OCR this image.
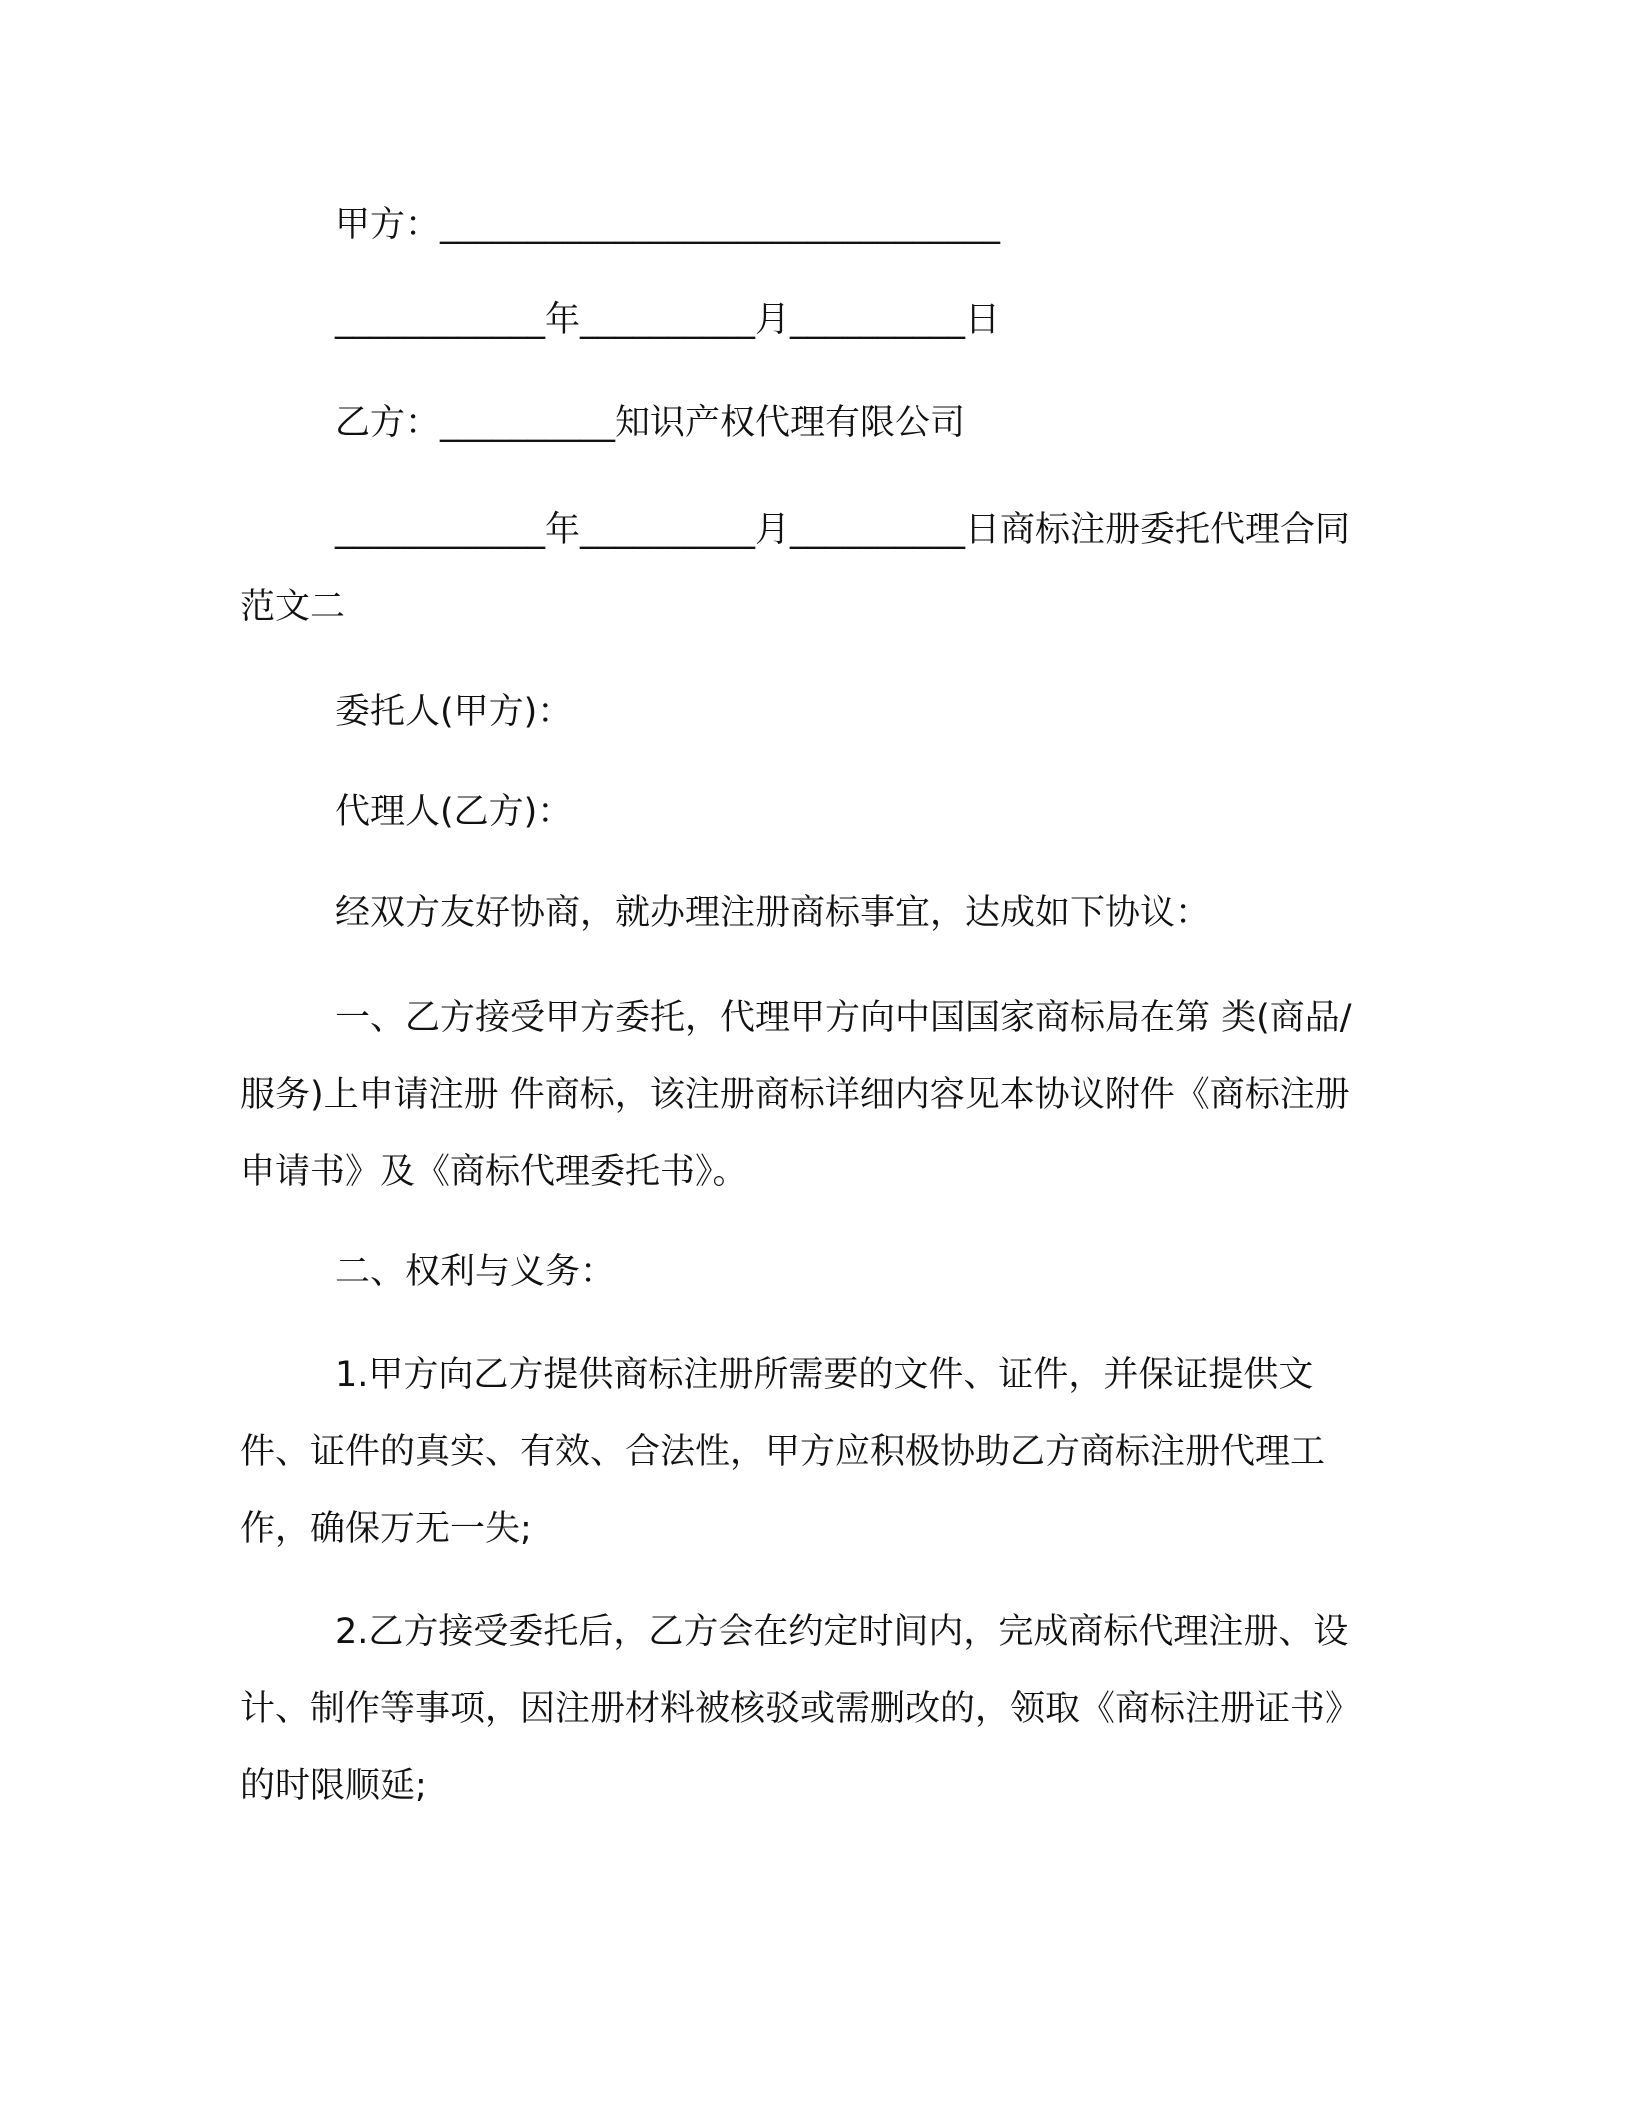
甲方：________________________________
____________年__________月__________日
乙方：__________知识产权代理有限公司
____________年__________月__________日商标注册委托代理合同范文二
委托人(甲方)：
代理人(乙方)：
经双方友好协商，就办理注册商标事宜，达成如下协议：
一、乙方接受甲方委托，代理甲方向中国国家商标局在第 类(商品/服务)上申请注册 件商标，该注册商标详细内容见本协议附件《商标注册申请书》及《商标代理委托书》。
二、权利与义务：
1.甲方向乙方提供商标注册所需要的文件、证件，并保证提供文件、证件的真实、有效、合法性，甲方应积极协助乙方商标注册代理工作，确保万无一失;
2.乙方接受委托后，乙方会在约定时间内，完成商标代理注册、设计、制作等事项，因注册材料被核驳或需删改的，领取《商标注册证书》的时限顺延;
